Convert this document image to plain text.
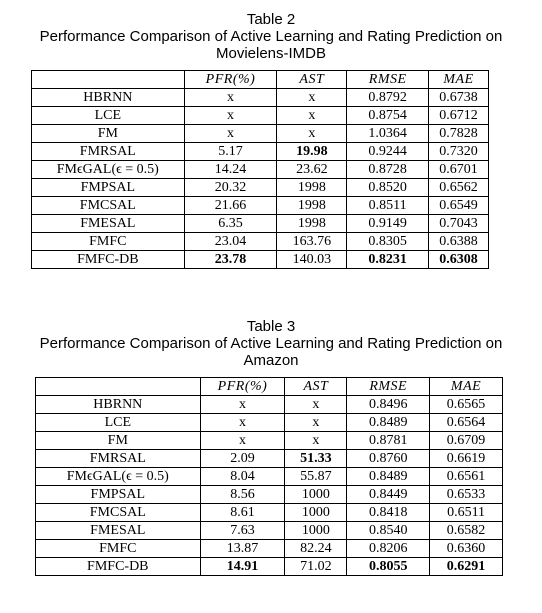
Table 2
Performance Comparison of Active Learning and Rating Prediction on
Movielens-IMDB
	PFR(%)	AST	RMSE	MAE
HBRNN	x	x	0.8792	0.6738
LCE	x	x	0.8754	0.6712
FM	x	x	1.0364	0.7828
FMRSAL	5.17	19.98	0.9244	0.7320
FMϵGAL(ϵ = 0.5)	14.24	23.62	0.8728	0.6701
FMPSAL	20.32	1998	0.8520	0.6562
FMCSAL	21.66	1998	0.8511	0.6549
FMESAL	6.35	1998	0.9149	0.7043
FMFC	23.04	163.76	0.8305	0.6388
FMFC-DB	23.78	140.03	0.8231	0.6308
Table 3
Performance Comparison of Active Learning and Rating Prediction on
Amazon
	PFR(%)	AST	RMSE	MAE
HBRNN	x	x	0.8496	0.6565
LCE	x	x	0.8489	0.6564
FM	x	x	0.8781	0.6709
FMRSAL	2.09	51.33	0.8760	0.6619
FMϵGAL(ϵ = 0.5)	8.04	55.87	0.8489	0.6561
FMPSAL	8.56	1000	0.8449	0.6533
FMCSAL	8.61	1000	0.8418	0.6511
FMESAL	7.63	1000	0.8540	0.6582
FMFC	13.87	82.24	0.8206	0.6360
FMFC-DB	14.91	71.02	0.8055	0.6291
